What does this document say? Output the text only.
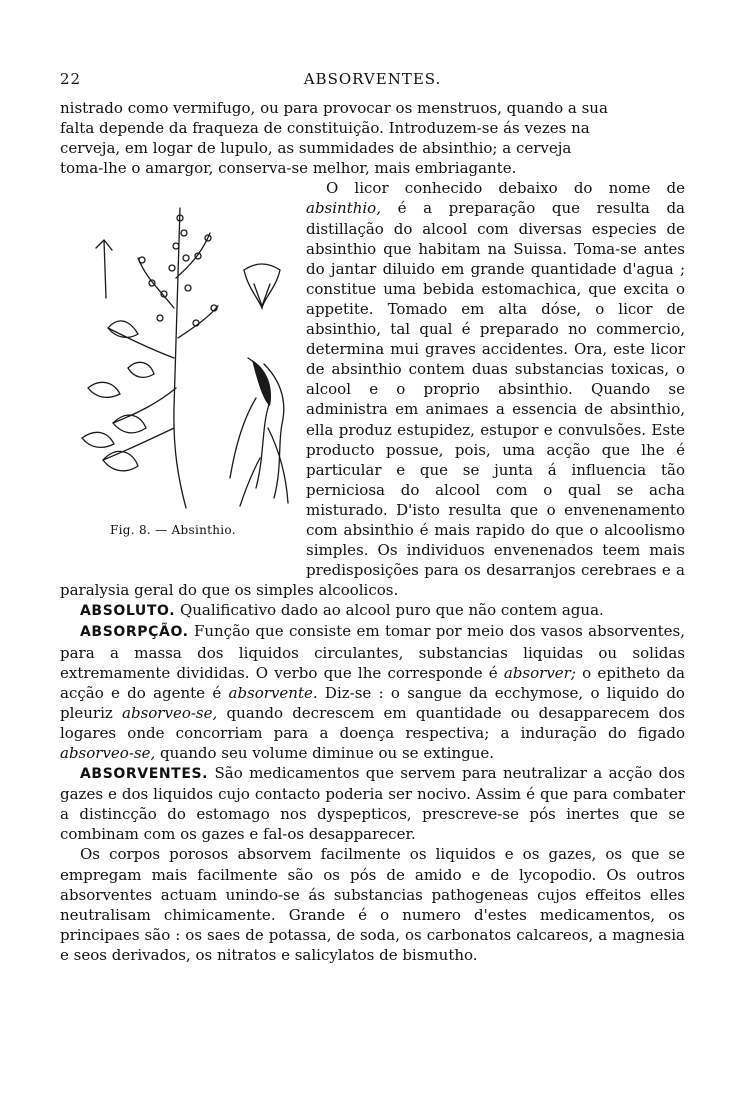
22	ABSORVENTES.
nistrado como vermifugo, ou para provocar os menstruos, quando a sua
falta depende da fraqueza de constituição. Introduzem-se ás vezes na
cerveja, em logar de lupulo, as summidades de absinthio; a cerveja
toma-lhe o amargor, conserva-se melhor, mais embriagante.
Fig. 8. — Absinthio.

O licor conhecido debaixo do nome de absinthio, é a preparação que resulta da distillação do alcool com diversas especies de absinthio que habitam na Suissa. Toma-se antes do jantar diluido em grande quantidade d'agua ; constitue uma bebida estomachica, que excita o appetite. Tomado em alta dóse, o licor de absinthio, tal qual é preparado no commercio, determina mui graves accidentes. Ora, este licor de absinthio contem duas substancias toxicas, o alcool e o proprio absinthio. Quando se administra em animaes a essencia de absinthio, ella produz estupidez, estupor e convulsões. Este producto possue, pois, uma acção que lhe é particular e que se junta á influencia tão perniciosa do alcool com o qual se acha misturado. D'isto resulta que o envenenamento com absinthio é mais rapido do que o alcoolismo simples. Os individuos envenenados teem mais predisposições para os desarranjos cerebraes e a paralysia geral do que os simples alcoolicos.

ABSOLUTO. Qualificativo dado ao alcool puro que não contem agua.

ABSORPÇÃO. Função que consiste em tomar por meio dos vasos absorventes, para a massa dos liquidos circulantes, substancias liquidas ou solidas extremamente divididas. O verbo que lhe corresponde é absorver; o epitheto da acção e do agente é absorvente. Diz-se : o sangue da ecchymose, o liquido do pleuriz absorveo-se, quando decrescem em quantidade ou desapparecem dos logares onde concorriam para a doença respectiva; a induração do figado absorveo-se, quando seu volume diminue ou se extingue.

ABSORVENTES. São medicamentos que servem para neutralizar a acção dos gazes e dos liquidos cujo contacto poderia ser nocivo. Assim é que para combater a distincção do estomago nos dyspepticos, prescreve-se pós inertes que se combinam com os gazes e fal-os desapparecer.

Os corpos porosos absorvem facilmente os liquidos e os gazes, os que se empregam mais facilmente são os pós de amido e de lycopodio. Os outros absorventes actuam unindo-se ás substancias pathogeneas cujos effeitos elles neutralisam chimicamente. Grande é o numero d'estes medicamentos, os principaes são : os saes de potassa, de soda, os carbonatos calcareos, a magnesia e seos derivados, os nitratos e salicylatos de bismutho.
